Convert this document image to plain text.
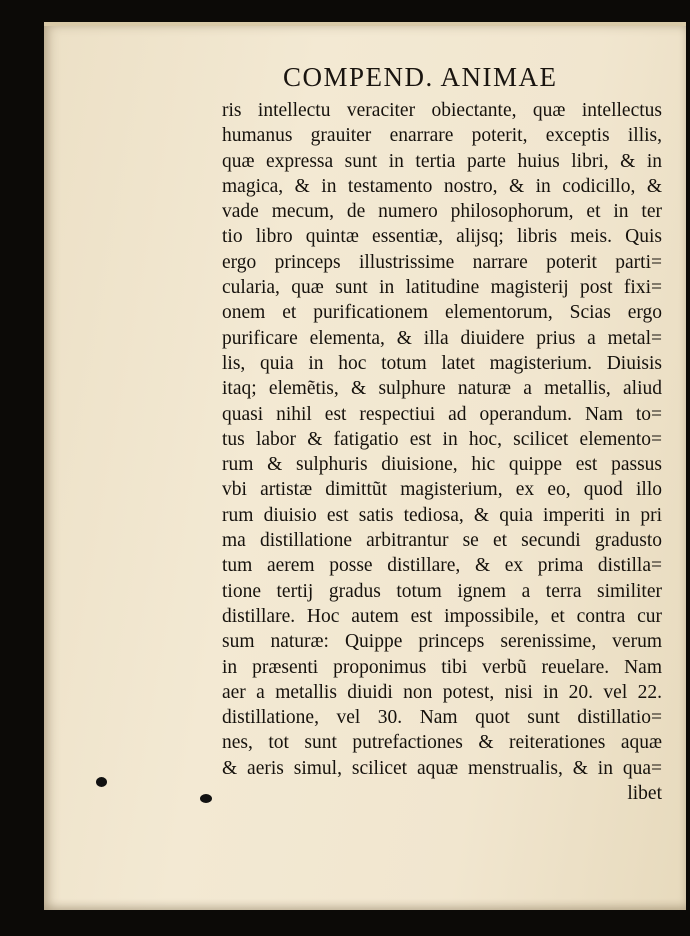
COMPEND. ANIMAE
ris intellectu veraciter obiectante, quæ intellectus
humanus grauiter enarrare poterit, exceptis illis,
quæ expressa sunt in tertia parte huius libri, & in
magica, & in testamento nostro, & in codicillo, &
vade mecum, de numero philosophorum, et in ter
tio libro quintæ essentiæ, alijsq; libris meis. Quis
ergo princeps illustrissime narrare poterit parti=
cularia, quæ sunt in latitudine magisterij post fixi=
onem et purificationem elementorum, Scias ergo
purificare elementa, & illa diuidere prius a metal=
lis, quia in hoc totum latet magisterium. Diuisis
itaq; elemẽtis, & sulphure naturæ a metallis, aliud
quasi nihil est respectiui ad operandum. Nam to=
tus labor & fatigatio est in hoc, scilicet elemento=
rum & sulphuris diuisione, hic quippe est passus
vbi artistæ dimittũt magisterium, ex eo, quod illo
rum diuisio est satis tediosa, & quia imperiti in pri
ma distillatione arbitrantur se et secundi gradusto
tum aerem posse distillare, & ex prima distilla=
tione tertij gradus totum ignem a terra similiter
distillare. Hoc autem est impossibile, et contra cur
sum naturæ: Quippe princeps serenissime, verum
in præsenti proponimus tibi verbũ reuelare. Nam
aer a metallis diuidi non potest, nisi in 20. vel 22.
distillatione, vel 30. Nam quot sunt distillatio=
nes, tot sunt putrefactiones & reiterationes aquæ
& aeris simul, scilicet aquæ menstrualis, & in qua=
libet
